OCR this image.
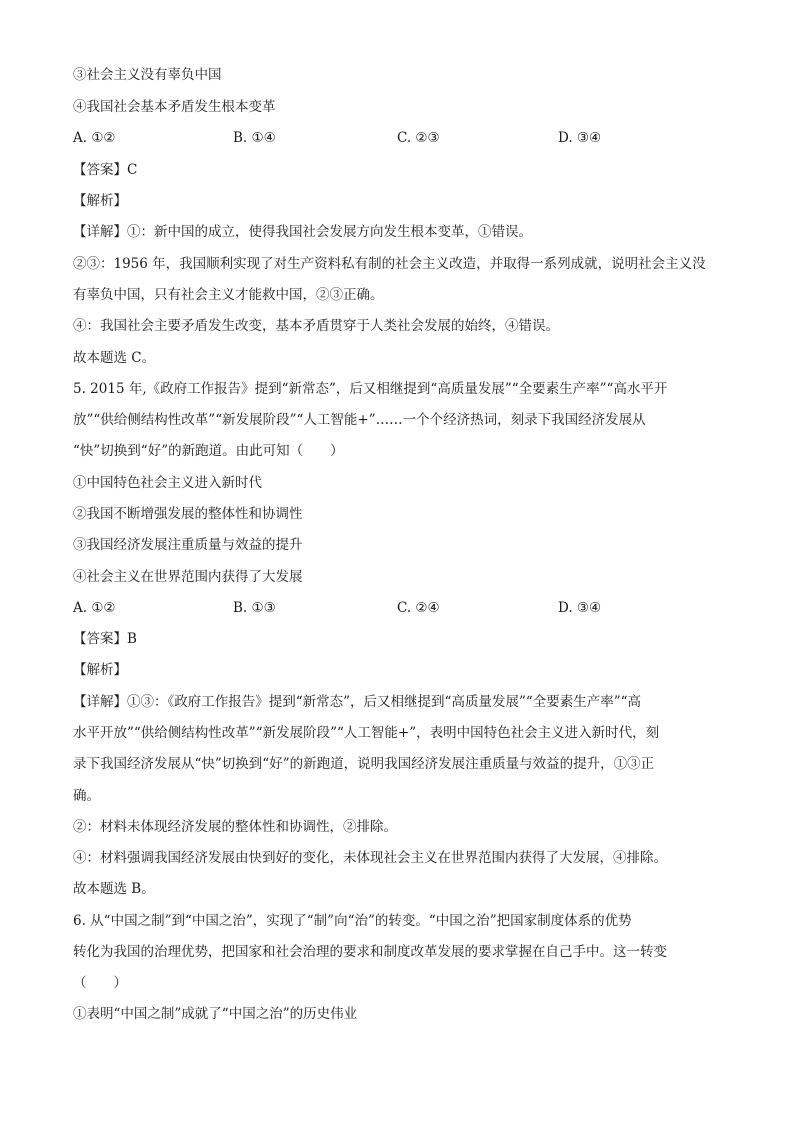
③社会主义没有辜负中国
④我国社会基本矛盾发生根本变革
A. ①②	B. ①④	C. ②③	D. ③④
【答案】C
【解析】
【详解】①：新中国的成立，使得我国社会发展方向发生根本变革，①错误。
②③：1956 年，我国顺利实现了对生产资料私有制的社会主义改造，并取得一系列成就，说明社会主义没
有辜负中国，只有社会主义才能救中国，②③正确。
④：我国社会主要矛盾发生改变，基本矛盾贯穿于人类社会发展的始终，④错误。
故本题选 C。
5. 2015 年,《政府工作报告》提到“新常态”，后又相继提到“高质量发展”“全要素生产率”“高水平开
放”“供给侧结构性改革”“新发展阶段”“人工智能+”……一个个经济热词，刻录下我国经济发展从
“快”切换到“好”的新跑道。由此可知（　　）
①中国特色社会主义进入新时代
②我国不断增强发展的整体性和协调性
③我国经济发展注重质量与效益的提升
④社会主义在世界范围内获得了大发展
A. ①②	B. ①③	C. ②④	D. ③④
【答案】B
【解析】
【详解】①③：《政府工作报告》提到“新常态”，后又相继提到“高质量发展”“全要素生产率”“高
水平开放”“供给侧结构性改革”“新发展阶段”“人工智能+”，表明中国特色社会主义进入新时代，刻
录下我国经济发展从“快”切换到“好”的新跑道，说明我国经济发展注重质量与效益的提升，①③正
确。
②：材料未体现经济发展的整体性和协调性，②排除。
④：材料强调我国经济发展由快到好的变化，未体现社会主义在世界范围内获得了大发展，④排除。
故本题选 B。
6. 从“中国之制”到“中国之治”，实现了“制”向“治”的转变。“中国之治”把国家制度体系的优势
转化为我国的治理优势，把国家和社会治理的要求和制度改革发展的要求掌握在自己手中。这一转变
（　　）
①表明“中国之制”成就了“中国之治”的历史伟业
